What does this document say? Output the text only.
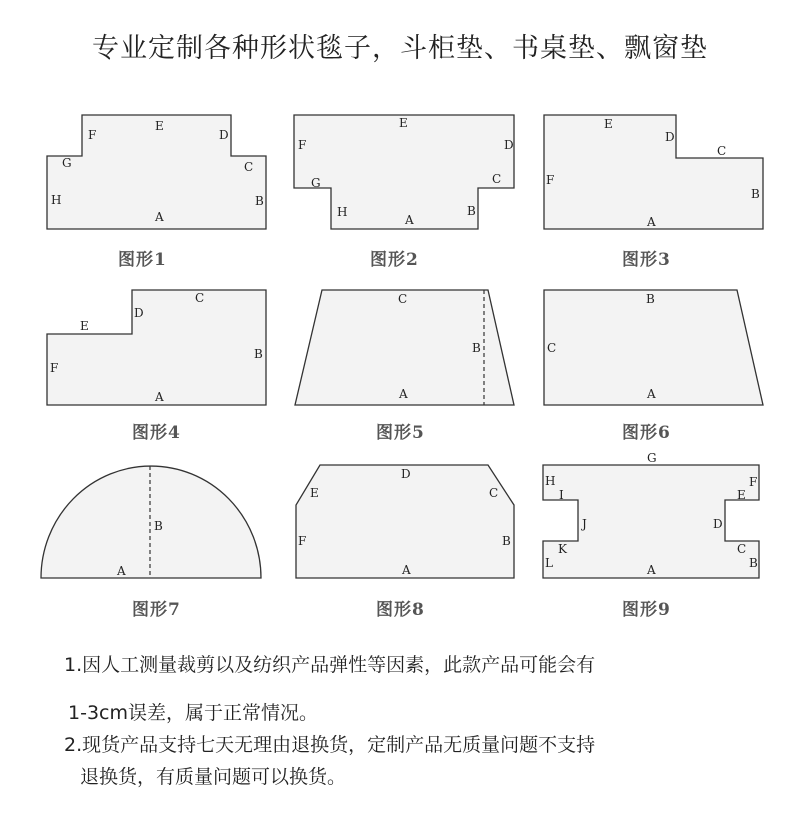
专业定制各种形状毯子，斗柜垫、书桌垫、飘窗垫
A
B
C
D
E
F
G
H
图形1
E
F	D
G	C
H
A
B
图形2
E
D
C
F
B
A
图形3
C
D
E
B
F
A
图形4
C
B
A
图形5
B
C
A
图形6
B
A
图形7
D
E	C
F	B
A
图形8
G
H
I
F
E
J	D
K	C
L	B
A
图形9
1.因人工测量裁剪以及纺织产品弹性等因素，此款产品可能会有
1-3cm误差，属于正常情况。
2.现货产品支持七天无理由退换货，定制产品无质量问题不支持
退换货，有质量问题可以换货。
